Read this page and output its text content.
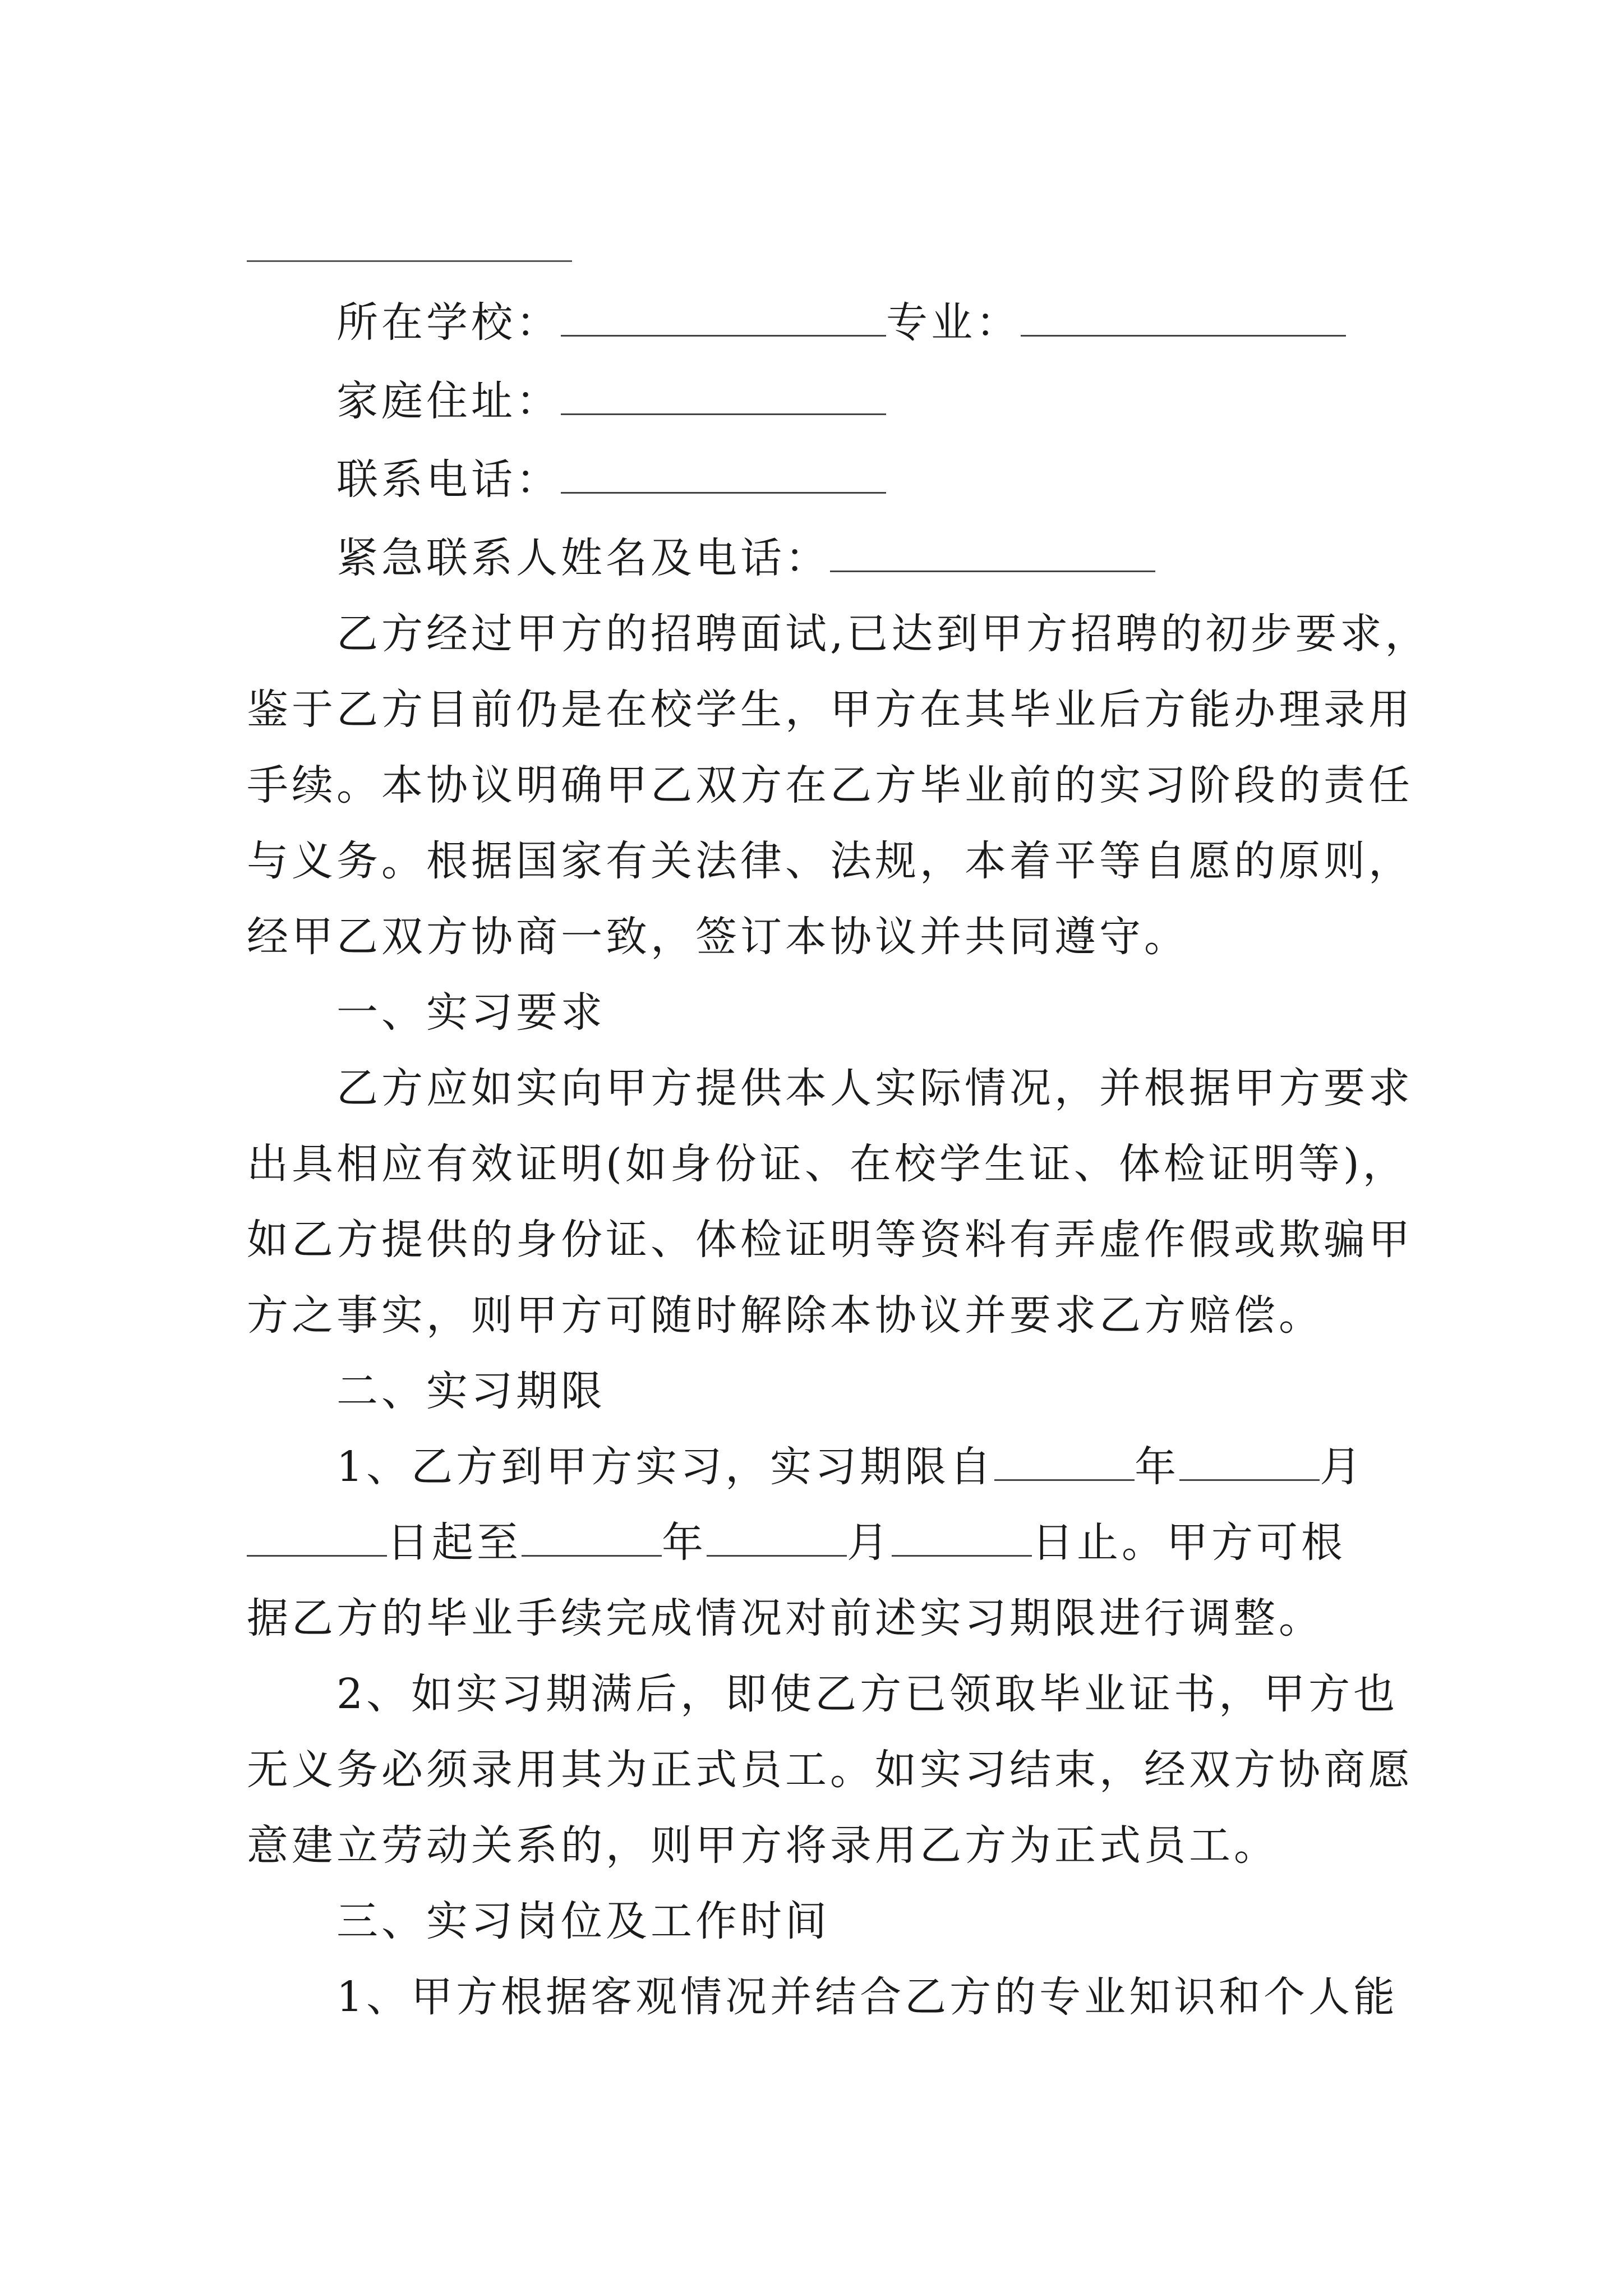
所在学校：	专业：
家庭住址：
联系电话：
紧急联系人姓名及电话：
乙方经过甲方的招聘面试,已达到甲方招聘的初步要求，
鉴于乙方目前仍是在校学生，甲方在其毕业后方能办理录用
手续。本协议明确甲乙双方在乙方毕业前的实习阶段的责任
与义务。根据国家有关法律、法规，本着平等自愿的原则，
经甲乙双方协商一致，签订本协议并共同遵守。
一、实习要求
乙方应如实向甲方提供本人实际情况，并根据甲方要求
出具相应有效证明(如身份证、在校学生证、体检证明等)，
如乙方提供的身份证、体检证明等资料有弄虚作假或欺骗甲
方之事实，则甲方可随时解除本协议并要求乙方赔偿。
二、实习期限
1、乙方到甲方实习，实习期限自	年	月
日起至	年	月	日止。甲方可根
据乙方的毕业手续完成情况对前述实习期限进行调整。
2、如实习期满后，即使乙方已领取毕业证书，甲方也
无义务必须录用其为正式员工。如实习结束，经双方协商愿
意建立劳动关系的，则甲方将录用乙方为正式员工。
三、实习岗位及工作时间
1、甲方根据客观情况并结合乙方的专业知识和个人能
